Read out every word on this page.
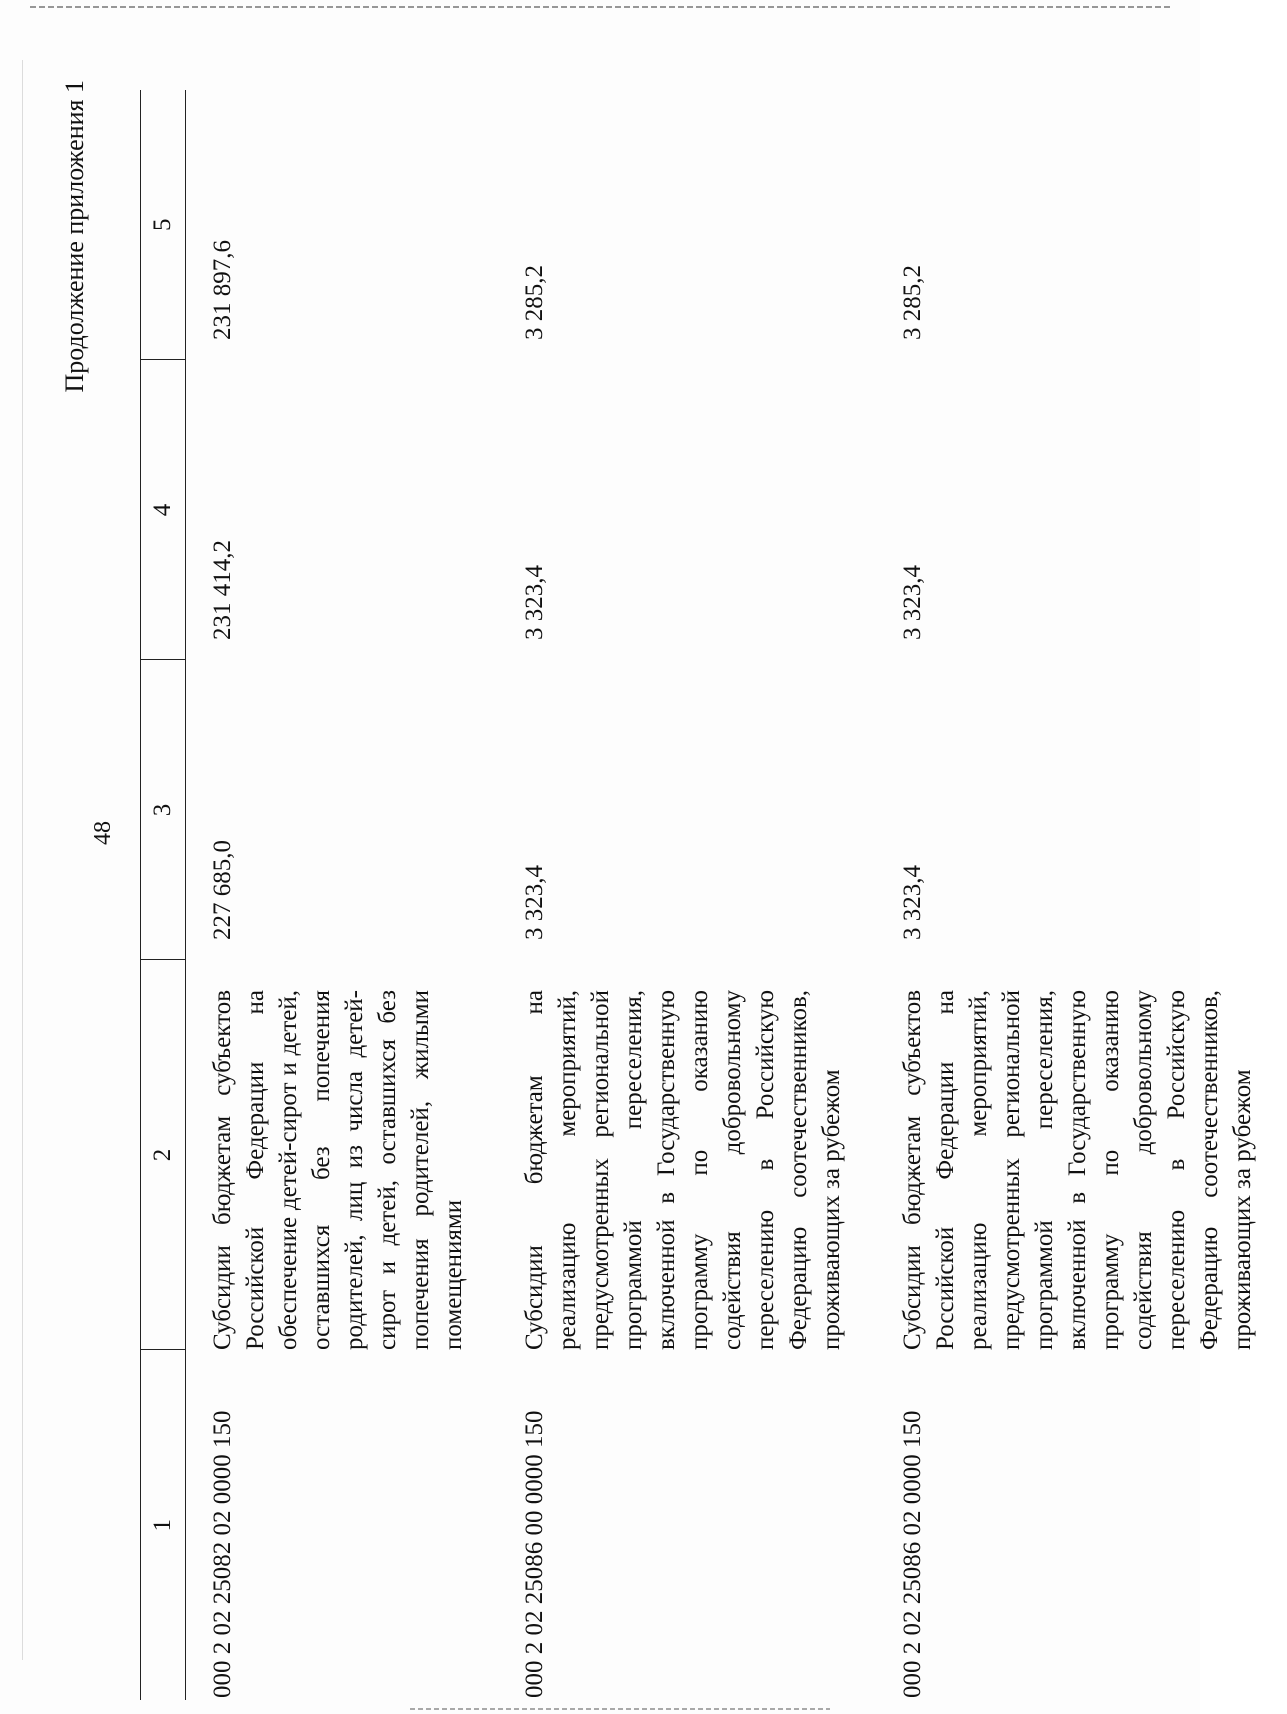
48
Продолжение приложения 1
1	2	3	4	5
000 2 02 25082 02 0000 150	Субсидии бюджетам субъектов Российской Федерации на обеспечение детей-сирот и детей, оставшихся без попечения родителей, лиц из числа детей-сирот и детей, оставшихся без попечения родителей, жилыми помещениями	227 685,0	231 414,2	231 897,6
000 2 02 25086 00 0000 150	Субсидии бюджетам на реализацию мероприятий, предусмотренных региональной программой переселения, включенной в Государственную программу по оказанию содействия добровольному переселению в Российскую Федерацию соотечественников, проживающих за рубежом	3 323,4	3 323,4	3 285,2
000 2 02 25086 02 0000 150	Субсидии бюджетам субъектов Российской Федерации на реализацию мероприятий, предусмотренных региональной программой переселения, включенной в Государственную программу по оказанию содействия добровольному переселению в Российскую Федерацию соотечественников, проживающих за рубежом	3 323,4	3 323,4	3 285,2
